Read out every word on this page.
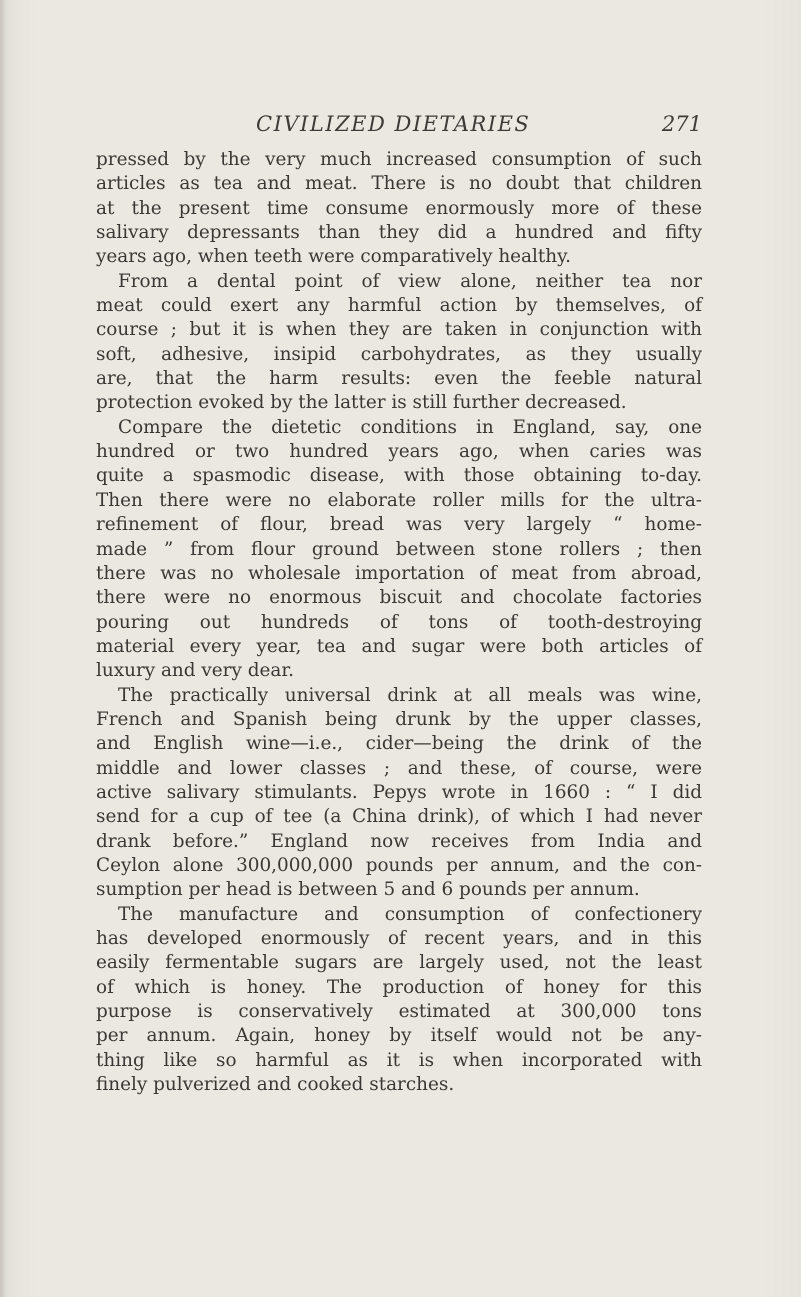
CIVILIZED DIETARIES	271
pressed by the very much increased consumption of such
articles as tea and meat. There is no doubt that children
at the present time consume enormously more of these
salivary depressants than they did a hundred and fifty
years ago, when teeth were comparatively healthy.
From a dental point of view alone, neither tea nor
meat could exert any harmful action by themselves, of
course ; but it is when they are taken in conjunction with
soft, adhesive, insipid carbohydrates, as they usually
are, that the harm results: even the feeble natural
protection evoked by the latter is still further decreased.
Compare the dietetic conditions in England, say, one
hundred or two hundred years ago, when caries was
quite a spasmodic disease, with those obtaining to-day.
Then there were no elaborate roller mills for the ultra-
refinement of flour, bread was very largely “ home-
made ” from flour ground between stone rollers ; then
there was no wholesale importation of meat from abroad,
there were no enormous biscuit and chocolate factories
pouring out hundreds of tons of tooth-destroying
material every year, tea and sugar were both articles of
luxury and very dear.
The practically universal drink at all meals was wine,
French and Spanish being drunk by the upper classes,
and English wine—i.e., cider—being the drink of the
middle and lower classes ; and these, of course, were
active salivary stimulants. Pepys wrote in 1660 : “ I did
send for a cup of tee (a China drink), of which I had never
drank before.” England now receives from India and
Ceylon alone 300,000,000 pounds per annum, and the con-
sumption per head is between 5 and 6 pounds per annum.
The manufacture and consumption of confectionery
has developed enormously of recent years, and in this
easily fermentable sugars are largely used, not the least
of which is honey. The production of honey for this
purpose is conservatively estimated at 300,000 tons
per annum. Again, honey by itself would not be any-
thing like so harmful as it is when incorporated with
finely pulverized and cooked starches.
